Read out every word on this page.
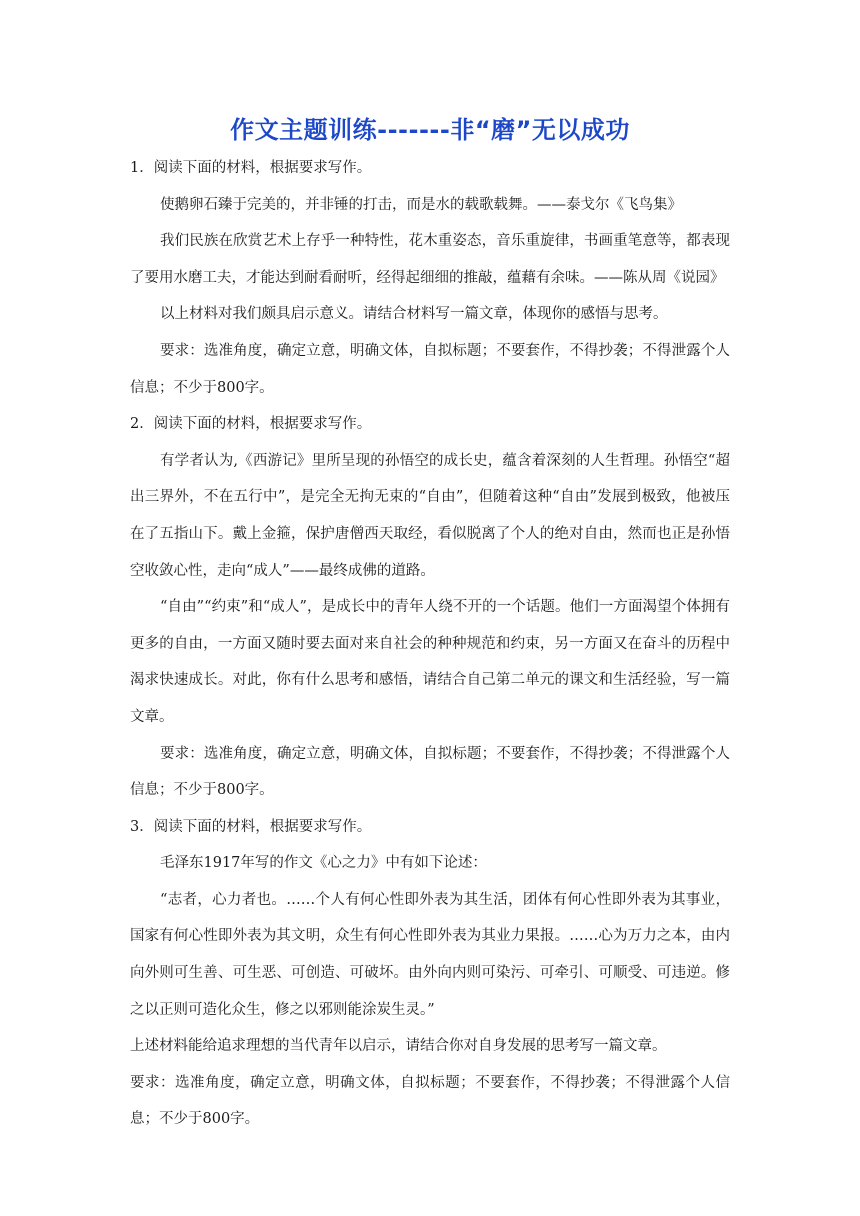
作文主题训练-------非“磨”无以成功

1．阅读下面的材料，根据要求写作。

使鹅卵石臻于完美的，并非锤的打击，而是水的载歌载舞。——泰戈尔《飞鸟集》

我们民族在欣赏艺术上存乎一种特性，花木重姿态，音乐重旋律，书画重笔意等，都表现了要用水磨工夫，才能达到耐看耐听，经得起细细的推敲，蕴藉有余味。——陈从周《说园》

以上材料对我们颇具启示意义。请结合材料写一篇文章，体现你的感悟与思考。

要求：选准角度，确定立意，明确文体，自拟标题；不要套作，不得抄袭；不得泄露个人信息；不少于800字。

2．阅读下面的材料，根据要求写作。

有学者认为,《西游记》里所呈现的孙悟空的成长史，蕴含着深刻的人生哲理。孙悟空“超出三界外，不在五行中”，是完全无拘无束的“自由”，但随着这种“自由”发展到极致，他被压在了五指山下。戴上金箍，保护唐僧西天取经，看似脱离了个人的绝对自由，然而也正是孙悟空收敛心性，走向“成人”——最终成佛的道路。

“自由”“约束”和“成人”，是成长中的青年人绕不开的一个话题。他们一方面渴望个体拥有更多的自由，一方面又随时要去面对来自社会的种种规范和约束，另一方面又在奋斗的历程中渴求快速成长。对此，你有什么思考和感悟，请结合自己第二单元的课文和生活经验，写一篇文章。

要求：选准角度，确定立意，明确文体，自拟标题；不要套作，不得抄袭；不得泄露个人信息；不少于800字。

3．阅读下面的材料，根据要求写作。

毛泽东1917年写的作文《心之力》中有如下论述：

“志者，心力者也。……个人有何心性即外表为其生活，团体有何心性即外表为其事业，国家有何心性即外表为其文明，众生有何心性即外表为其业力果报。……心为万力之本，由内向外则可生善、可生恶、可创造、可破坏。由外向内则可染污、可牵引、可顺受、可违逆。修之以正则可造化众生，修之以邪则能涂炭生灵。”

上述材料能给追求理想的当代青年以启示，请结合你对自身发展的思考写一篇文章。

要求：选准角度，确定立意，明确文体，自拟标题；不要套作，不得抄袭；不得泄露个人信息；不少于800字。
